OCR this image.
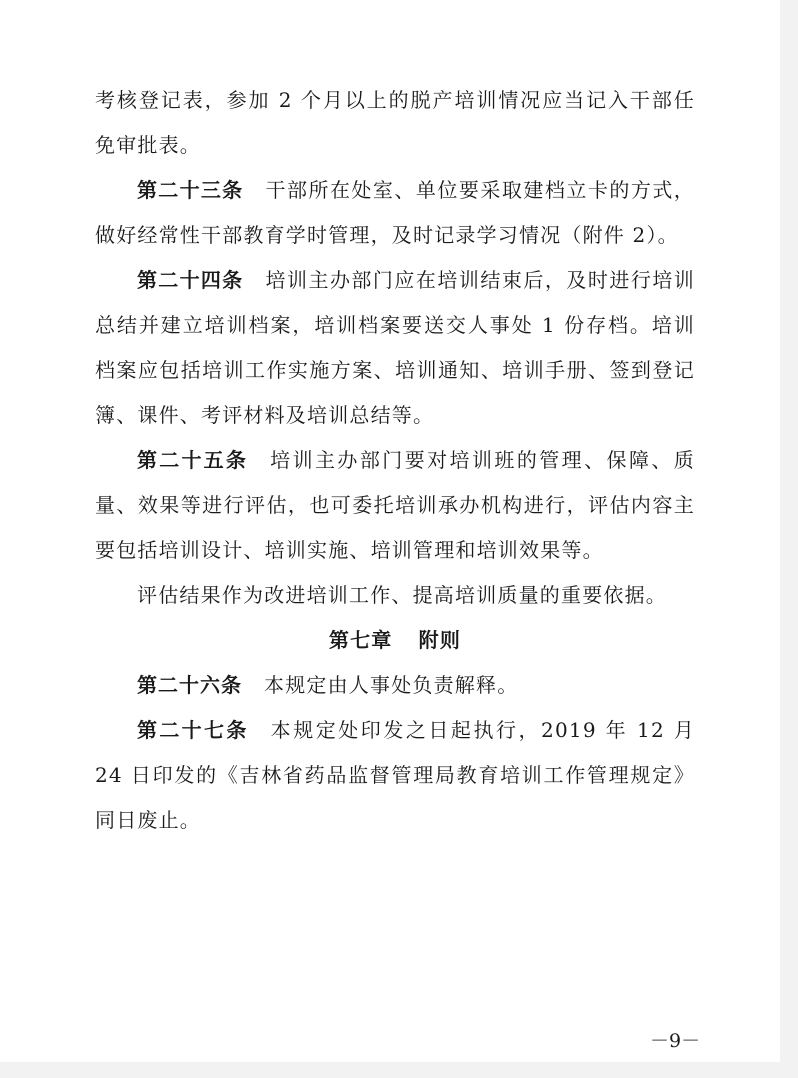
考核登记表，参加 2 个月以上的脱产培训情况应当记入干部任免审批表。

第二十三条 干部所在处室、单位要采取建档立卡的方式，做好经常性干部教育学时管理，及时记录学习情况（附件 2）。

第二十四条 培训主办部门应在培训结束后，及时进行培训总结并建立培训档案，培训档案要送交人事处 1 份存档。培训档案应包括培训工作实施方案、培训通知、培训手册、签到登记簿、课件、考评材料及培训总结等。

第二十五条 培训主办部门要对培训班的管理、保障、质量、效果等进行评估，也可委托培训承办机构进行，评估内容主要包括培训设计、培训实施、培训管理和培训效果等。

评估结果作为改进培训工作、提高培训质量的重要依据。

第七章 附则

第二十六条 本规定由人事处负责解释。

第二十七条 本规定处印发之日起执行，2019 年 12 月 24 日印发的《吉林省药品监督管理局教育培训工作管理规定》同日废止。

－9－
